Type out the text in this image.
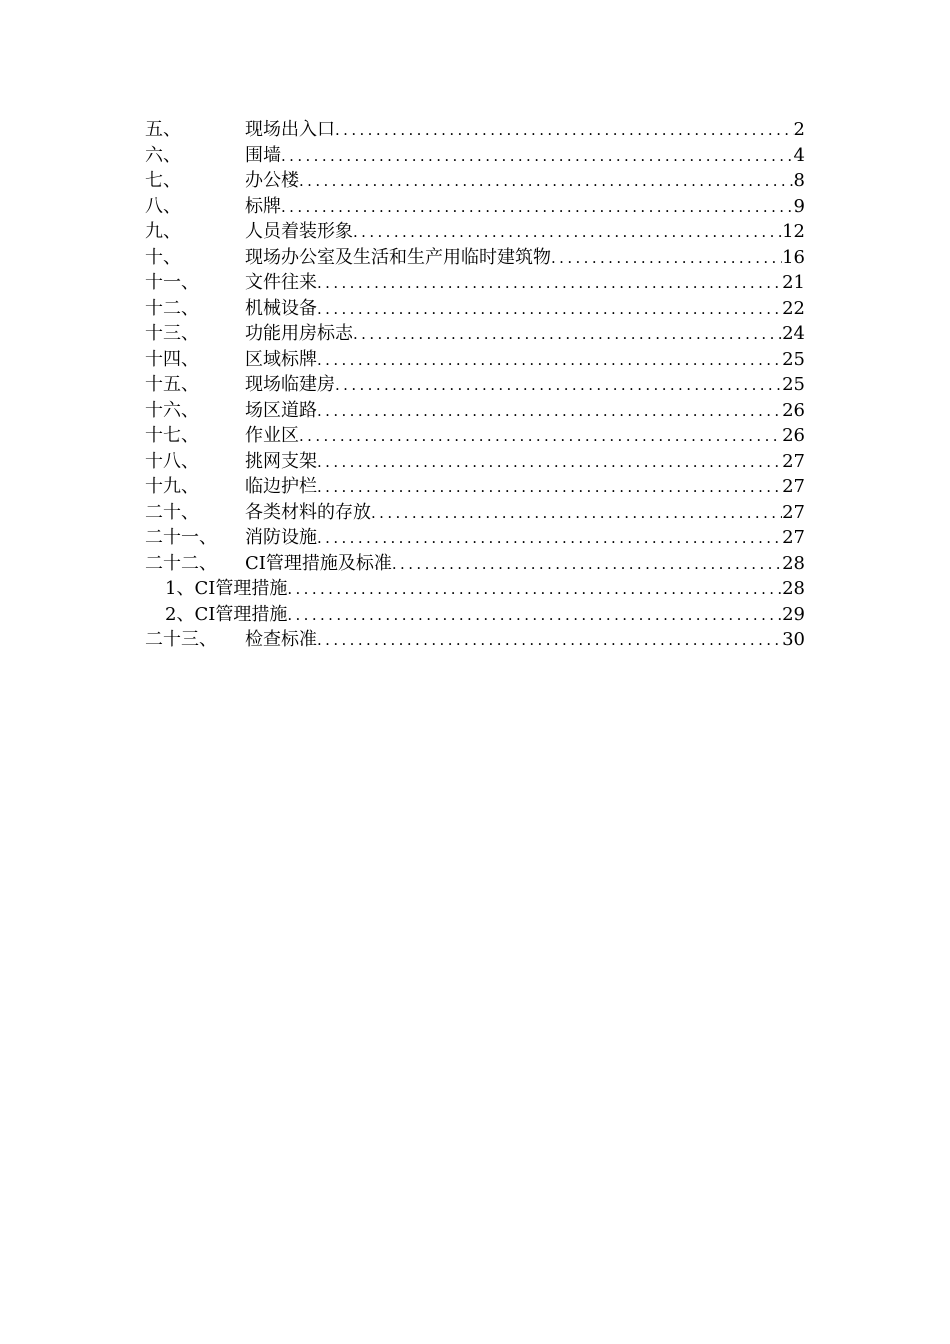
五、	现场出入口 .....	2
六、	围墙 .....	4
七、	办公楼 .....	8
八、	标牌 .....	9
九、	人员着装形象 .....	12
十、	现场办公室及生活和生产用临时建筑物 .....	16
十一、	文件往来 .....	21
十二、	机械设备 .....	22
十三、	功能用房标志 .....	24
十四、	区域标牌 .....	25
十五、	现场临建房 .....	25
十六、	场区道路 .....	26
十七、	作业区 .....	26
十八、	挑网支架 .....	27
十九、	临边护栏 .....	27
二十、	各类材料的存放 .....	27
二十一、	消防设施 .....	27
二十二、	CI管理措施及标准 .....	28
1、CI管理措施 .....	28
2、CI管理措施 .....	29
二十三、	检查标准 .....	30
